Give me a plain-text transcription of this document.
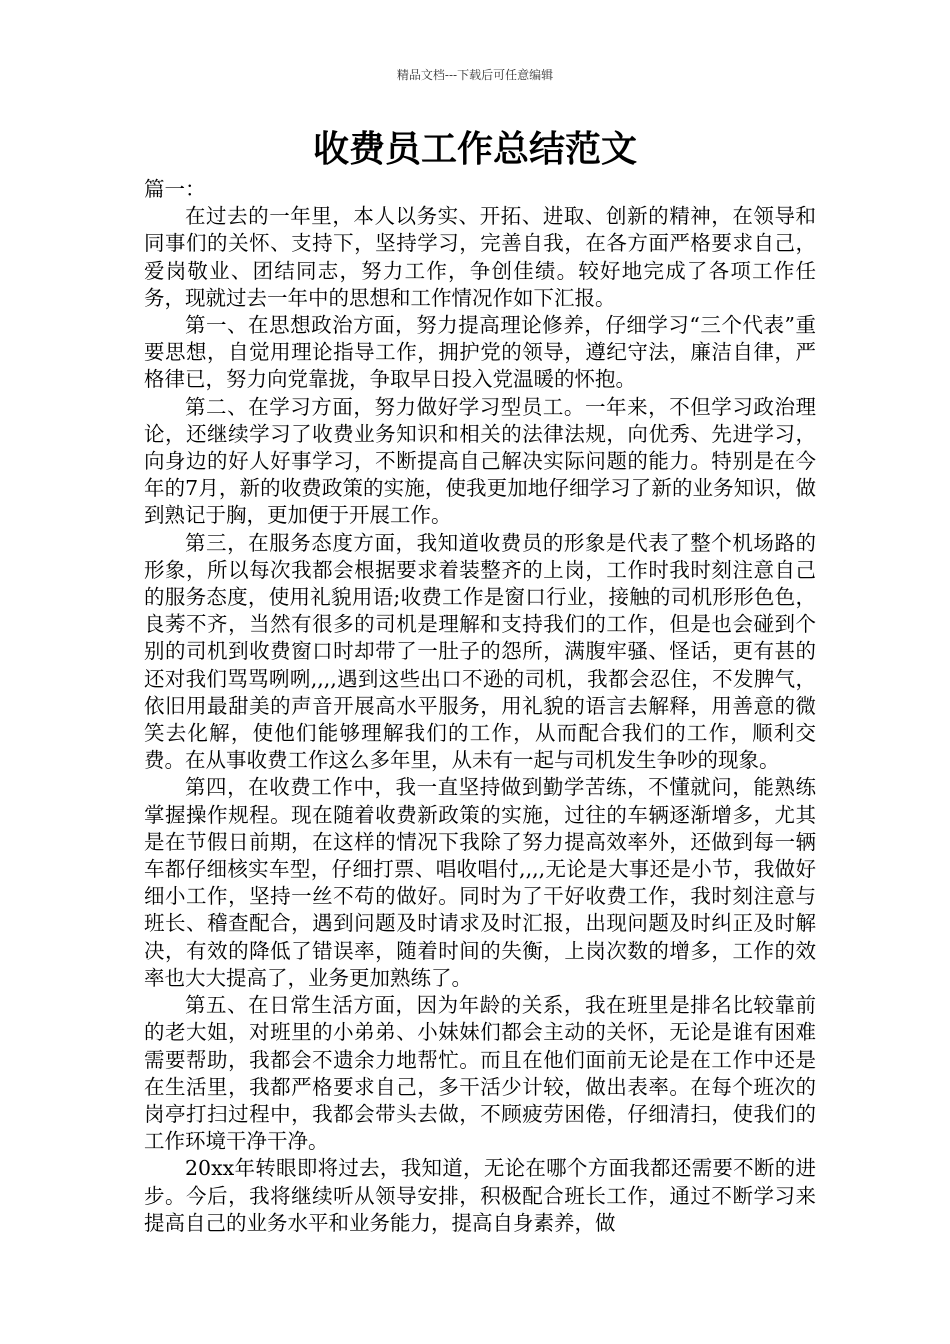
精品文档---下载后可任意编辑
收费员工作总结范文

篇一：

在过去的一年里，本人以务实、开拓、进取、创新的精神，在领导和同事们的关怀、支持下，坚持学习，完善自我，在各方面严格要求自己，爱岗敬业、团结同志，努力工作，争创佳绩。较好地完成了各项工作任务，现就过去一年中的思想和工作情况作如下汇报。

第一、在思想政治方面，努力提高理论修养，仔细学习“三个代表”重要思想，自觉用理论指导工作，拥护党的领导，遵纪守法，廉洁自律，严格律已，努力向党靠拢，争取早日投入党温暖的怀抱。

第二、在学习方面，努力做好学习型员工。一年来，不但学习政治理论，还继续学习了收费业务知识和相关的法律法规，向优秀、先进学习，向身边的好人好事学习，不断提高自己解决实际问题的能力。特别是在今年的7月，新的收费政策的实施，使我更加地仔细学习了新的业务知识，做到熟记于胸，更加便于开展工作。

第三，在服务态度方面，我知道收费员的形象是代表了整个机场路的形象，所以每次我都会根据要求着装整齐的上岗，工作时我时刻注意自己的服务态度，使用礼貌用语;收费工作是窗口行业，接触的司机形形色色，良莠不齐，当然有很多的司机是理解和支持我们的工作，但是也会碰到个别的司机到收费窗口时却带了一肚子的怨所，满腹牢骚、怪话，更有甚的还对我们骂骂咧咧,,,,遇到这些出口不逊的司机，我都会忍住，不发脾气，依旧用最甜美的声音开展高水平服务，用礼貌的语言去解释，用善意的微笑去化解，使他们能够理解我们的工作，从而配合我们的工作，顺利交费。在从事收费工作这么多年里，从未有一起与司机发生争吵的现象。

第四，在收费工作中，我一直坚持做到勤学苦练，不懂就问，能熟练掌握操作规程。现在随着收费新政策的实施，过往的车辆逐渐增多，尤其是在节假日前期，在这样的情况下我除了努力提高效率外，还做到每一辆车都仔细核实车型，仔细打票、唱收唱付,,,,无论是大事还是小节，我做好细小工作，坚持一丝不苟的做好。同时为了干好收费工作，我时刻注意与班长、稽查配合，遇到问题及时请求及时汇报，出现问题及时纠正及时解决，有效的降低了错误率，随着时间的失衡，上岗次数的增多，工作的效率也大大提高了，业务更加熟练了。

第五、在日常生活方面，因为年龄的关系，我在班里是排名比较靠前的老大姐，对班里的小弟弟、小妹妹们都会主动的关怀，无论是谁有困难需要帮助，我都会不遗余力地帮忙。而且在他们面前无论是在工作中还是在生活里，我都严格要求自己，多干活少计较，做出表率。在每个班次的岗亭打扫过程中，我都会带头去做，不顾疲劳困倦，仔细清扫，使我们的工作环境干净干净。

20xx年转眼即将过去，我知道，无论在哪个方面我都还需要不断的进步。今后，我将继续听从领导安排，积极配合班长工作，通过不断学习来提高自己的业务水平和业务能力，提高自身素养，做
